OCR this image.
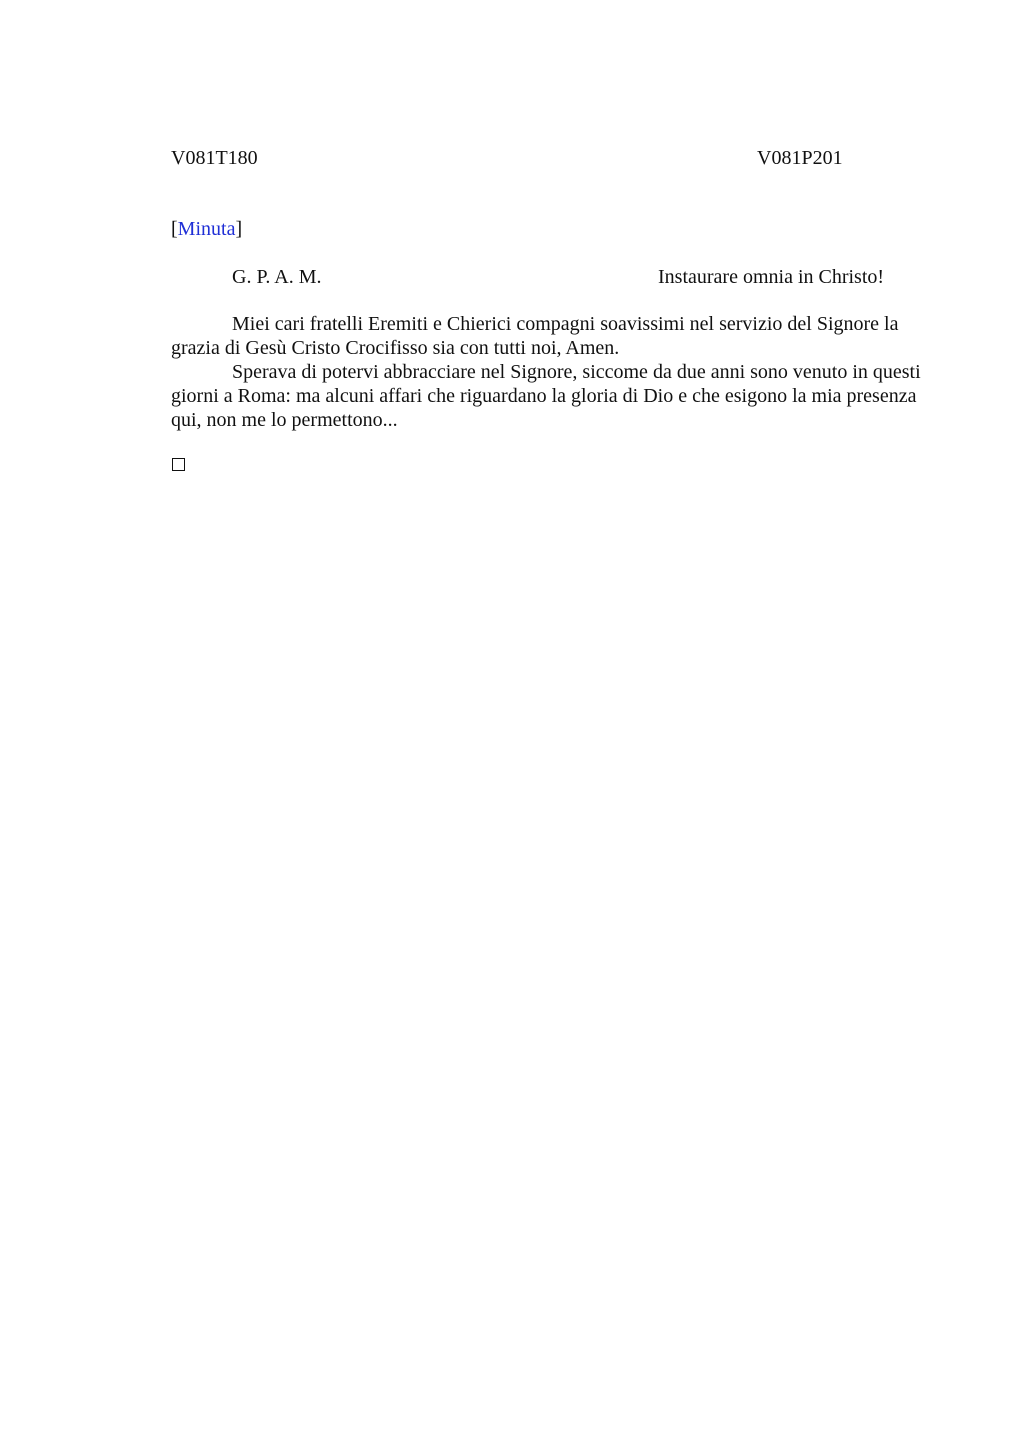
V081T180	V081P201
[Minuta]
G. P. A. M.	Instaurare omnia in Christo!

Miei cari fratelli Eremiti e Chierici compagni soavissimi nel servizio del Signore la grazia di Gesù Cristo Crocifisso sia con tutti noi, Amen.

Sperava di potervi abbracciare nel Signore, siccome da due anni sono venuto in questi giorni a Roma: ma alcuni affari che riguardano la gloria di Dio e che esigono la mia presenza qui, non me lo permettono...
